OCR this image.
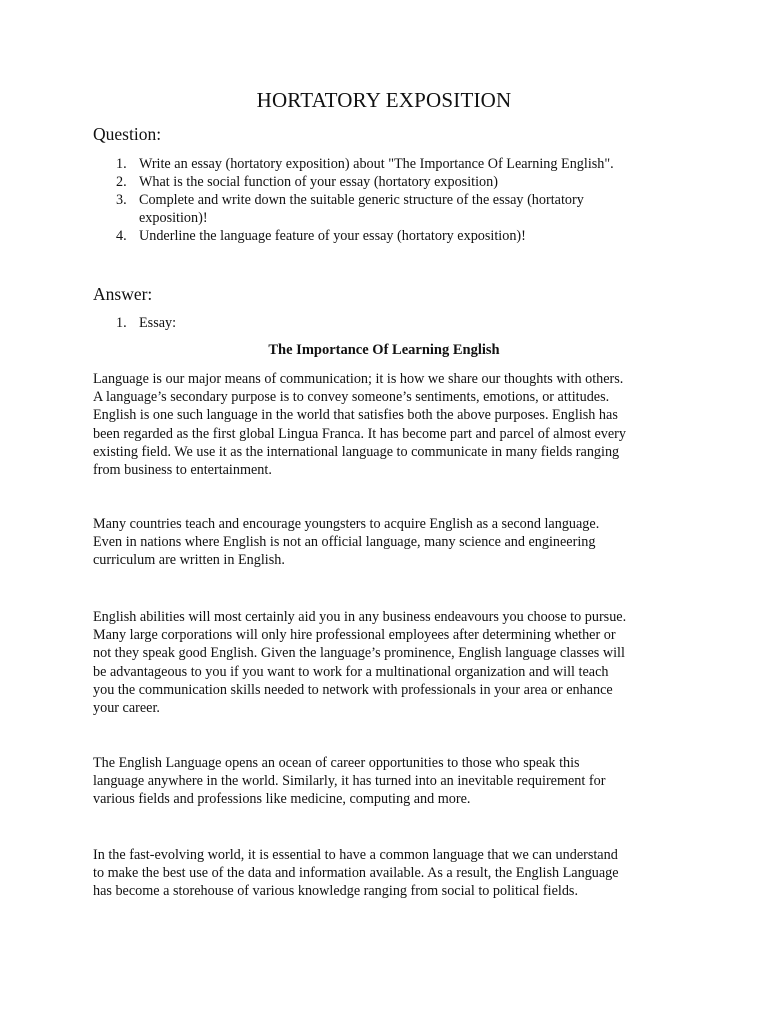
HORTATORY EXPOSITION
Question:
1. Write an essay (hortatory exposition) about "The Importance Of Learning English".
2. What is the social function of your essay (hortatory exposition)
3. Complete and write down the suitable generic structure of the essay (hortatory
exposition)!
4. Underline the language feature of your essay (hortatory exposition)!
Answer:
1. Essay:
The Importance Of Learning English

Language is our major means of communication; it is how we share our thoughts with others.
A language’s secondary purpose is to convey someone’s sentiments, emotions, or attitudes.
English is one such language in the world that satisfies both the above purposes. English has
been regarded as the first global Lingua Franca. It has become part and parcel of almost every
existing field. We use it as the international language to communicate in many fields ranging
from business to entertainment.

Many countries teach and encourage youngsters to acquire English as a second language.
Even in nations where English is not an official language, many science and engineering
curriculum are written in English.

English abilities will most certainly aid you in any business endeavours you choose to pursue.
Many large corporations will only hire professional employees after determining whether or
not they speak good English. Given the language’s prominence, English language classes will
be advantageous to you if you want to work for a multinational organization and will teach
you the communication skills needed to network with professionals in your area or enhance
your career.

The English Language opens an ocean of career opportunities to those who speak this
language anywhere in the world. Similarly, it has turned into an inevitable requirement for
various fields and professions like medicine, computing and more.

In the fast-evolving world, it is essential to have a common language that we can understand
to make the best use of the data and information available. As a result, the English Language
has become a storehouse of various knowledge ranging from social to political fields.
